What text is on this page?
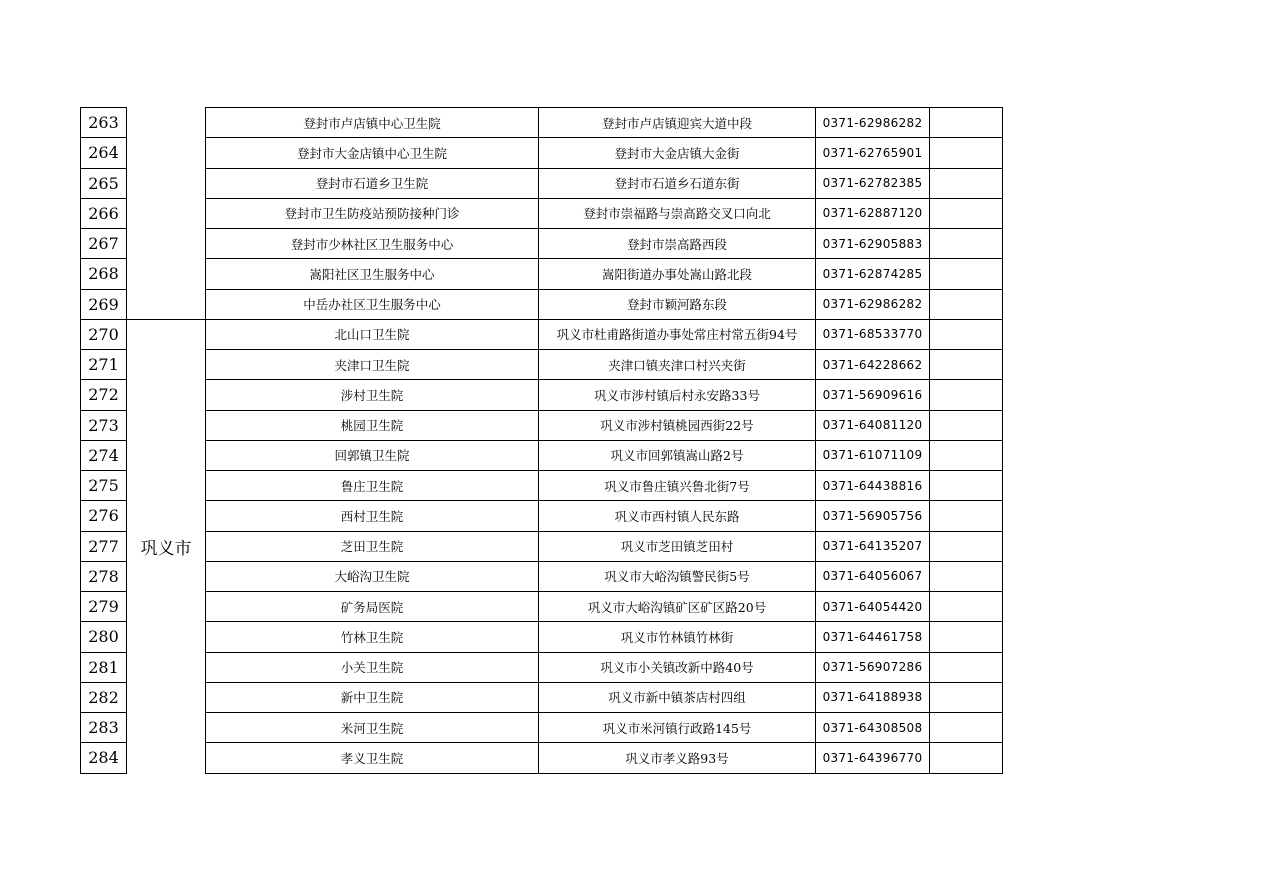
263		登封市卢店镇中心卫生院	登封市卢店镇迎宾大道中段	0371-62986282	
264		登封市大金店镇中心卫生院	登封市大金店镇大金街	0371-62765901	
265		登封市石道乡卫生院	登封市石道乡石道东街	0371-62782385	
266		登封市卫生防疫站预防接种门诊	登封市崇福路与崇高路交叉口向北	0371-62887120	
267		登封市少林社区卫生服务中心	登封市崇高路西段	0371-62905883	
268		嵩阳社区卫生服务中心	嵩阳街道办事处嵩山路北段	0371-62874285	
269		中岳办社区卫生服务中心	登封市颖河路东段	0371-62986282	
270	巩义市	北山口卫生院	巩义市杜甫路街道办事处常庄村常五街94号	0371-68533770	
271		夹津口卫生院	夹津口镇夹津口村兴夹街	0371-64228662	
272		涉村卫生院	巩义市涉村镇后村永安路33号	0371-56909616	
273		桃园卫生院	巩义市涉村镇桃园西街22号	0371-64081120	
274		回郭镇卫生院	巩义市回郭镇嵩山路2号	0371-61071109	
275		鲁庄卫生院	巩义市鲁庄镇兴鲁北街7号	0371-64438816	
276		西村卫生院	巩义市西村镇人民东路	0371-56905756	
277		芝田卫生院	巩义市芝田镇芝田村	0371-64135207	
278		大峪沟卫生院	巩义市大峪沟镇警民街5号	0371-64056067	
279		矿务局医院	巩义市大峪沟镇矿区矿区路20号	0371-64054420	
280		竹林卫生院	巩义市竹林镇竹林街	0371-64461758	
281		小关卫生院	巩义市小关镇改新中路40号	0371-56907286	
282		新中卫生院	巩义市新中镇茶店村四组	0371-64188938	
283		米河卫生院	巩义市米河镇行政路145号	0371-64308508	
284		孝义卫生院	巩义市孝义路93号	0371-64396770	
